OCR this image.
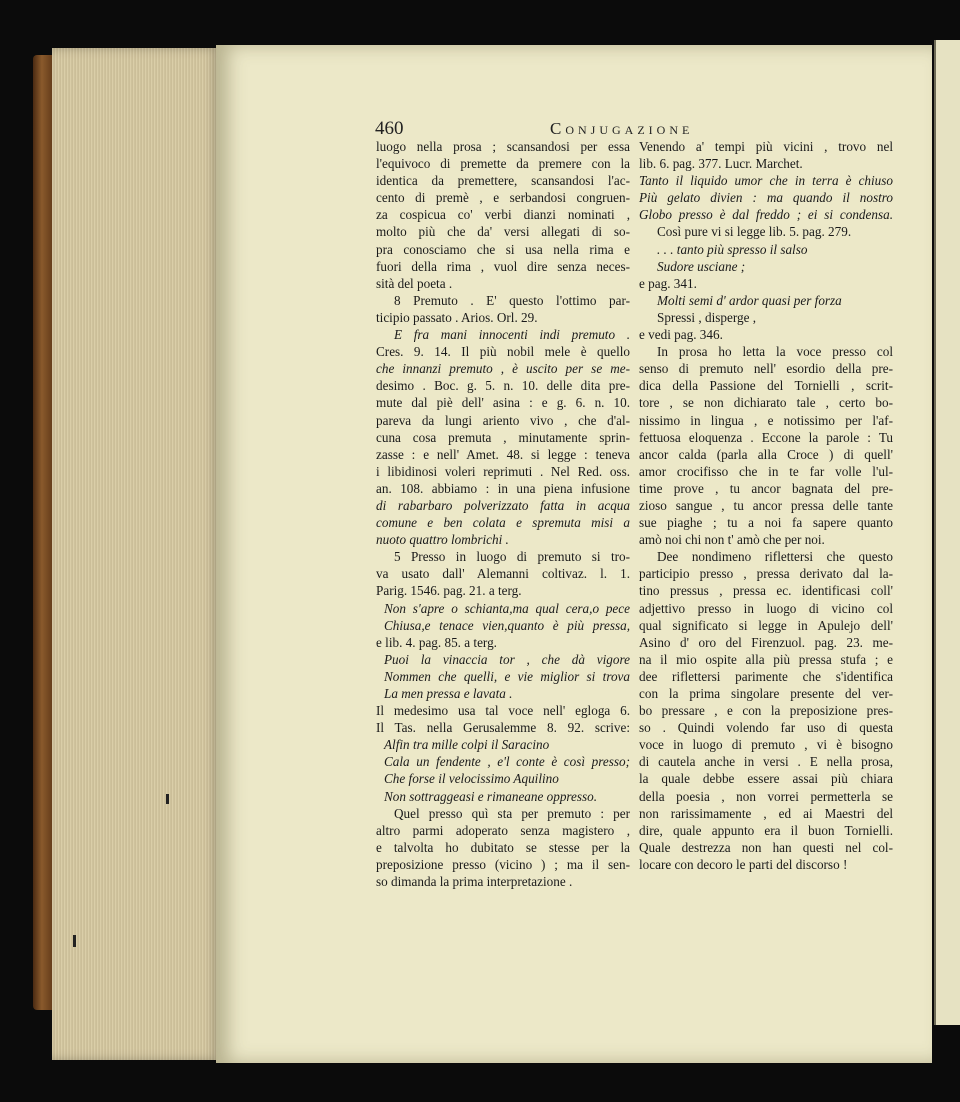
460	Conjugazione
luogo nella prosa ; scansandosi per essa
l'equivoco di premette da premere con la
identica da premettere, scansandosi l'ac-
cento di premè , e serbandosi congruen-
za cospicua co' verbi dianzi nominati ,
molto più che da' versi allegati di so-
pra conosciamo che si usa nella rima e
fuori della rima , vuol dire senza neces-
sità del poeta .
8 Premuto . E' questo l'ottimo par-
ticipio passato . Arios. Orl. 29.
E fra mani innocenti indi premuto .
Cres. 9. 14. Il più nobil mele è quello
che innanzi premuto , è uscito per se me-
desimo . Boc. g. 5. n. 10. delle dita pre-
mute dal piè dell' asina : e g. 6. n. 10.
pareva da lungi ariento vivo , che d'al-
cuna cosa premuta , minutamente sprin-
zasse : e nell' Amet. 48. si legge : teneva
i libidinosi voleri reprimuti . Nel Red. oss.
an. 108. abbiamo : in una piena infusione
di rabarbaro polverizzato fatta in acqua
comune e ben colata e spremuta misi a
nuoto quattro lombrichi .
5 Presso in luogo di premuto si tro-
va usato dall' Alemanni coltivaz. l. 1.
Parig. 1546. pag. 21. a terg.
Non s'apre o schianta,ma qual cera,o pece
Chiusa,e tenace vien,quanto è più pressa,
e lib. 4. pag. 85. a terg.
Puoi la vinaccia tor , che dà vigore
Nommen che quelli, e vie miglior si trova
La men pressa e lavata .
Il medesimo usa tal voce nell' egloga 6.
Il Tas. nella Gerusalemme 8. 92. scrive:
Alfin tra mille colpi il Saracino
Cala un fendente , e'l conte è così presso;
Che forse il velocissimo Aquilino
Non sottraggeasi e rimaneane oppresso.
Quel presso quì sta per premuto : per
altro parmi adoperato senza magistero ,
e talvolta ho dubitato se stesse per la
preposizione presso (vicino ) ; ma il sen-
so dimanda la prima interpretazione .
Venendo a' tempi più vicini , trovo nel
lib. 6. pag. 377. Lucr. Marchet.
Tanto il liquido umor che in terra è chiuso
Più gelato divien : ma quando il nostro
Globo presso è dal freddo ; ei si condensa.
Così pure vi si legge lib. 5. pag. 279.
. . . tanto più spresso il salso
Sudore usciane ;
e pag. 341.
Molti semi d' ardor quasi per forza
Spressi , disperge ,
e vedi pag. 346.
In prosa ho letta la voce presso col
senso di premuto nell' esordio della pre-
dica della Passione del Tornielli , scrit-
tore , se non dichiarato tale , certo bo-
nissimo in lingua , e notissimo per l'af-
fettuosa eloquenza . Eccone la parole : Tu
ancor calda (parla alla Croce ) di quell'
amor crocifisso che in te far volle l'ul-
time prove , tu ancor bagnata del pre-
zioso sangue , tu ancor pressa delle tante
sue piaghe ; tu a noi fa sapere quanto
amò noi chi non t' amò che per noi.
Dee nondimeno riflettersi che questo
participio presso , pressa derivato dal la-
tino pressus , pressa ec. identificasi coll'
adjettivo presso in luogo di vicino col
qual significato si legge in Apulejo dell'
Asino d' oro del Firenzuol. pag. 23. me-
na il mio ospite alla più pressa stufa ; e
dee riflettersi parimente che s'identifica
con la prima singolare presente del ver-
bo pressare , e con la preposizione pres-
so . Quindi volendo far uso di questa
voce in luogo di premuto , vi è bisogno
di cautela anche in versi . E nella prosa,
la quale debbe essere assai più chiara
della poesia , non vorrei permetterla se
non rarissimamente , ed ai Maestri del
dire, quale appunto era il buon Tornielli.
Quale destrezza non han questi nel col-
locare con decoro le parti del discorso !
